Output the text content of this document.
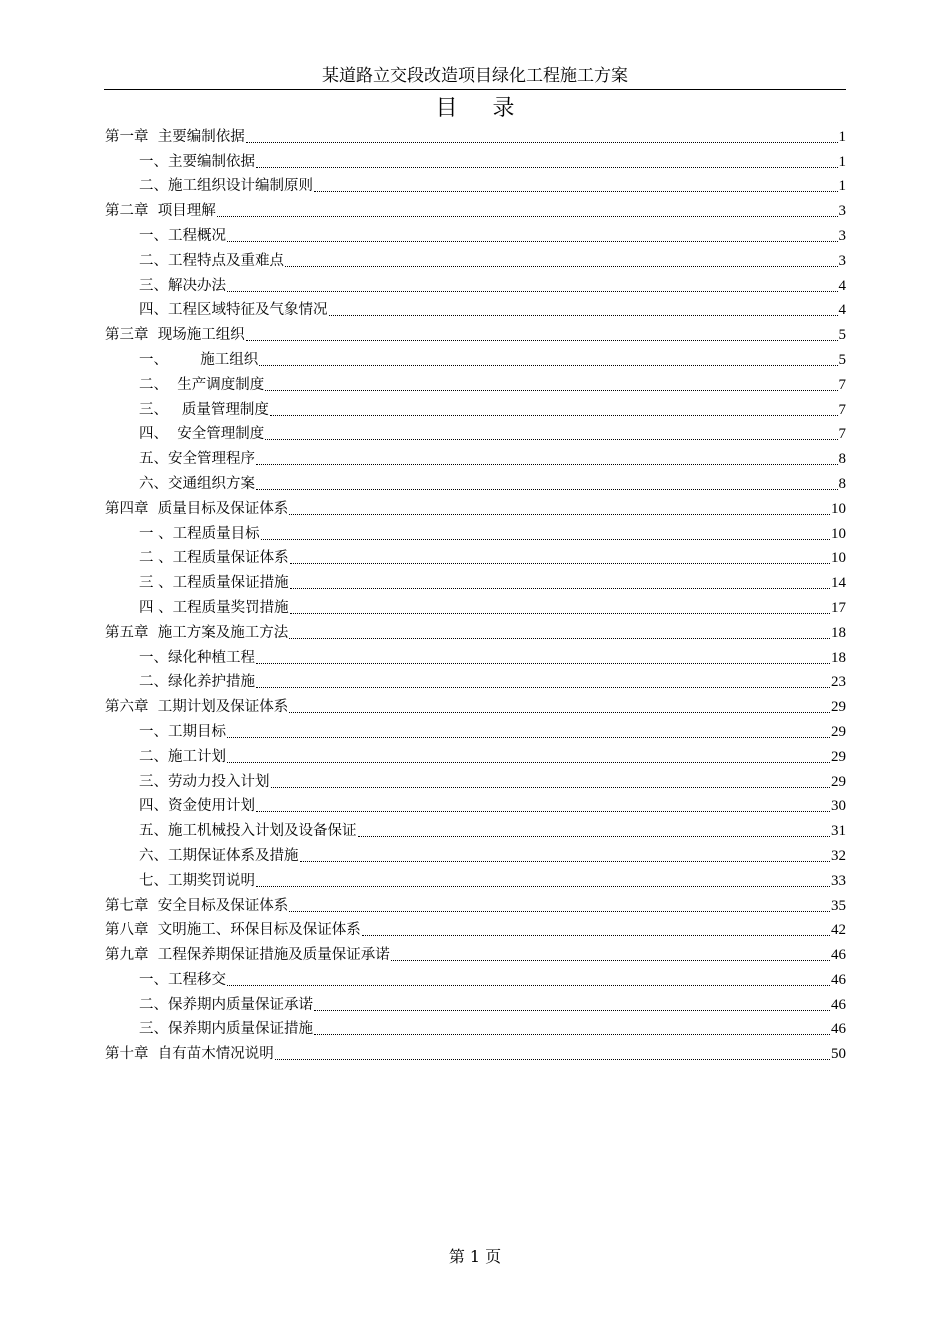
某道路立交段改造项目绿化工程施工方案
目 录
第一章  主要编制依据	1
一、主要编制依据	1
二、施工组织设计编制原则	1
第二章  项目理解	3
一、工程概况	3
二、工程特点及重难点	3
三、解决办法	4
四、工程区域特征及气象情况	4
第三章  现场施工组织	5
一、       施工组织	5
二、  生产调度制度	7
三、   质量管理制度	7
四、  安全管理制度	7
五、安全管理程序	8
六、交通组织方案	8
第四章  质量目标及保证体系	10
一 、工程质量目标	10
二 、工程质量保证体系	10
三 、工程质量保证措施	14
四 、工程质量奖罚措施	17
第五章  施工方案及施工方法	18
一、绿化种植工程	18
二、绿化养护措施	23
第六章  工期计划及保证体系	29
一、工期目标	29
二、施工计划	29
三、劳动力投入计划	29
四、资金使用计划	30
五、施工机械投入计划及设备保证	31
六、工期保证体系及措施	32
七、工期奖罚说明	33
第七章  安全目标及保证体系	35
第八章  文明施工、环保目标及保证体系	42
第九章  工程保养期保证措施及质量保证承诺	46
一、工程移交	46
二、保养期内质量保证承诺	46
三、保养期内质量保证措施	46
第十章  自有苗木情况说明	50
第 1 页
